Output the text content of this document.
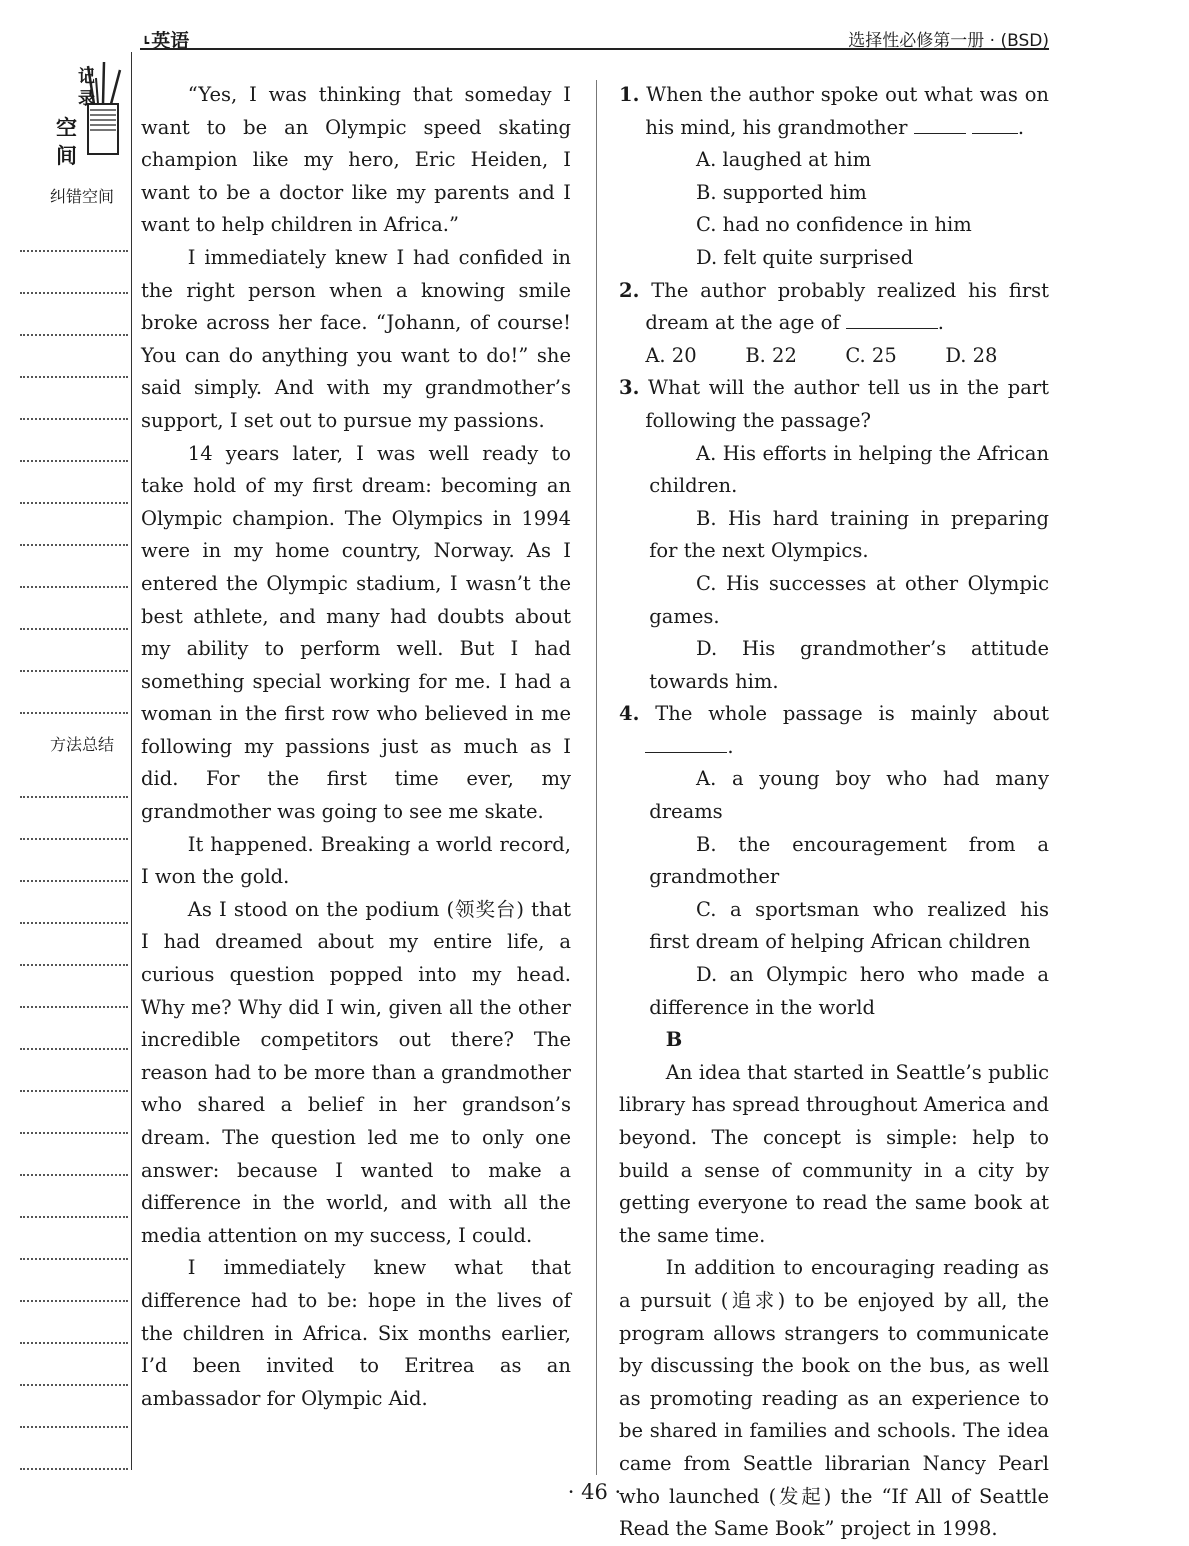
┗ 英语	选择性必修第一册 · (BSD)
记
录
空
间
纠错空间
方法总结

“Yes, I was thinking that someday I want to be an Olympic speed skating champion like my hero, Eric Heiden, I want to be a doctor like my parents and I want to help children in Africa.”

I immediately knew I had confided in the right person when a knowing smile broke across her face. “Johann, of course! You can do anything you want to do!” she said simply. And with my grandmother’s support, I set out to pursue my passions.

14 years later, I was well ready to take hold of my first dream: becoming an Olympic champion. The Olympics in 1994 were in my home country, Norway. As I entered the Olympic stadium, I wasn’t the best athlete, and many had doubts about my ability to perform well. But I had something special working for me. I had a woman in the first row who believed in me following my passions just as much as I did. For the first time ever, my grandmother was going to see me skate.

It happened. Breaking a world record, I won the gold.

As I stood on the podium (领奖台) that I had dreamed about my entire life, a curious question popped into my head. Why me? Why did I win, given all the other incredible competitors out there? The reason had to be more than a grandmother who shared a belief in her grandson’s dream. The question led me to only one answer: because I wanted to make a difference in the world, and with all the media attention on my success, I could.

I immediately knew what that difference had to be: hope in the lives of the children in Africa. Six months earlier, I’d been invited to Eritrea as an ambassador for Olympic Aid.

1. When the author spoke out what was on his mind, his grandmother	.

A. laughed at him

B. supported him

C. had no confidence in him

D. felt quite surprised

2. The author probably realized his first dream at the age of	.

A. 20	B. 22	C. 25	D. 28

3. What will the author tell us in the part following the passage?

A. His efforts in helping the African children.

B. His hard training in preparing for the next Olympics.

C. His successes at other Olympic games.

D. His grandmother’s attitude towards him.

4. The whole passage is mainly about .

A. a young boy who had many dreams

B. the encouragement from a grandmother

C. a sportsman who realized his first dream of helping African children

D. an Olympic hero who made a difference in the world

B

An idea that started in Seattle’s public library has spread throughout America and beyond. The concept is simple: help to build a sense of community in a city by getting everyone to read the same book at the same time.

In addition to encouraging reading as a pursuit (追求) to be enjoyed by all, the program allows strangers to communicate by discussing the book on the bus, as well as promoting reading as an experience to be shared in families and schools. The idea came from Seattle librarian Nancy Pearl who launched (发起) the “If All of Seattle Read the Same Book” project in 1998.

· 46 ·
